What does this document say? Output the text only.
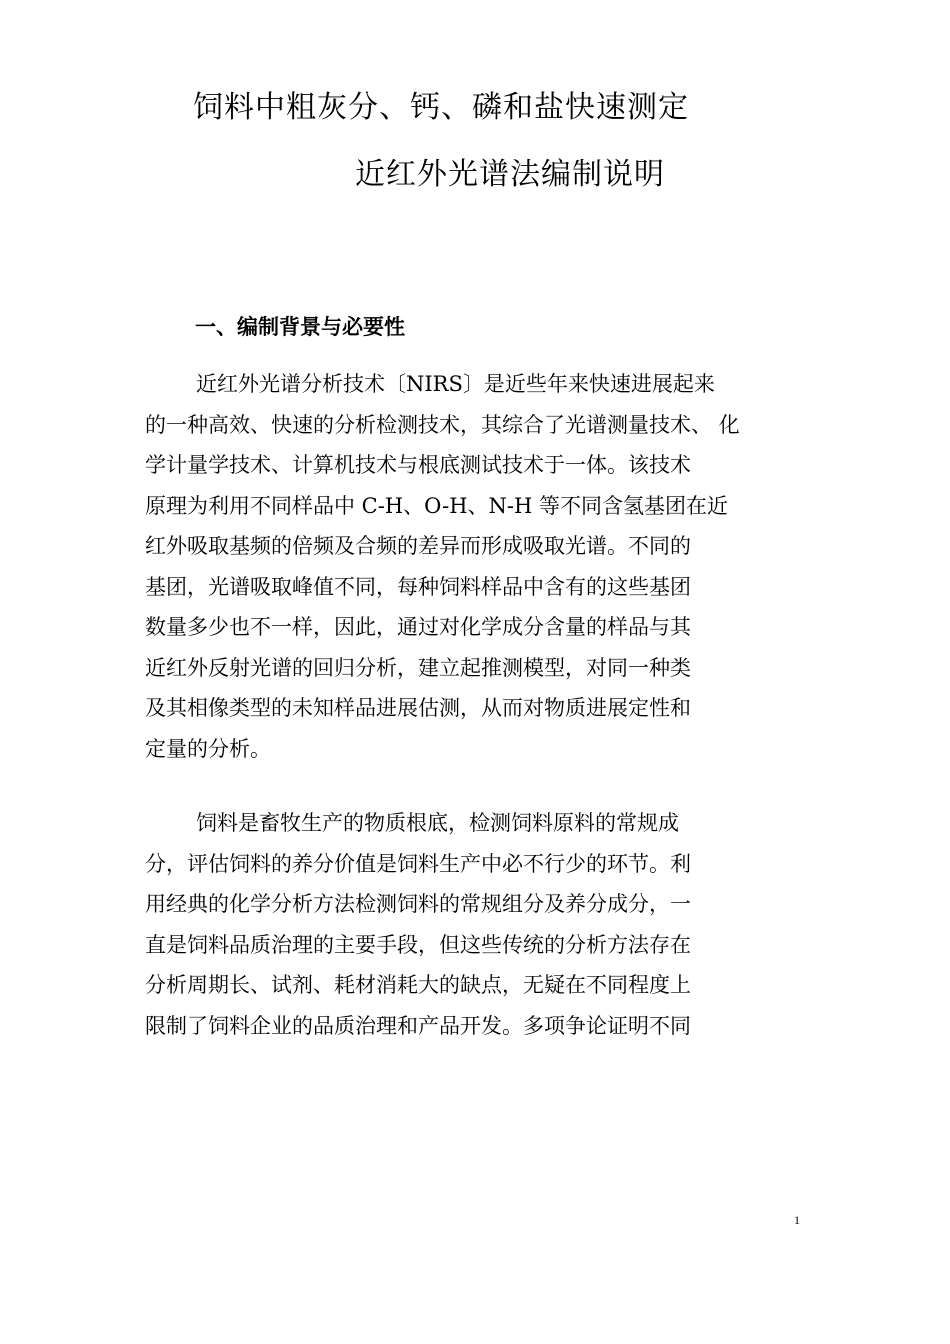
饲料中粗灰分、钙、磷和盐快速测定
近红外光谱法编制说明
一、编制背景与必要性

近红外光谱分析技术〔NIRS〕是近些年来快速进展起来
的一种高效、快速的分析检测技术，其综合了光谱测量技术、 化
学计量学技术、计算机技术与根底测试技术于一体。该技术
原理为利用不同样品中 C-H、O-H、N-H 等不同含氢基团在近
红外吸取基频的倍频及合频的差异而形成吸取光谱。不同的
基团，光谱吸取峰值不同，每种饲料样品中含有的这些基团
数量多少也不一样，因此，通过对化学成分含量的样品与其
近红外反射光谱的回归分析，建立起推测模型，对同一种类
及其相像类型的未知样品进展估测，从而对物质进展定性和
定量的分析。

饲料是畜牧生产的物质根底，检测饲料原料的常规成
分，评估饲料的养分价值是饲料生产中必不行少的环节。利
用经典的化学分析方法检测饲料的常规组分及养分成分，一
直是饲料品质治理的主要手段，但这些传统的分析方法存在
分析周期长、试剂、耗材消耗大的缺点，无疑在不同程度上
限制了饲料企业的品质治理和产品开发。多项争论证明不同

1
